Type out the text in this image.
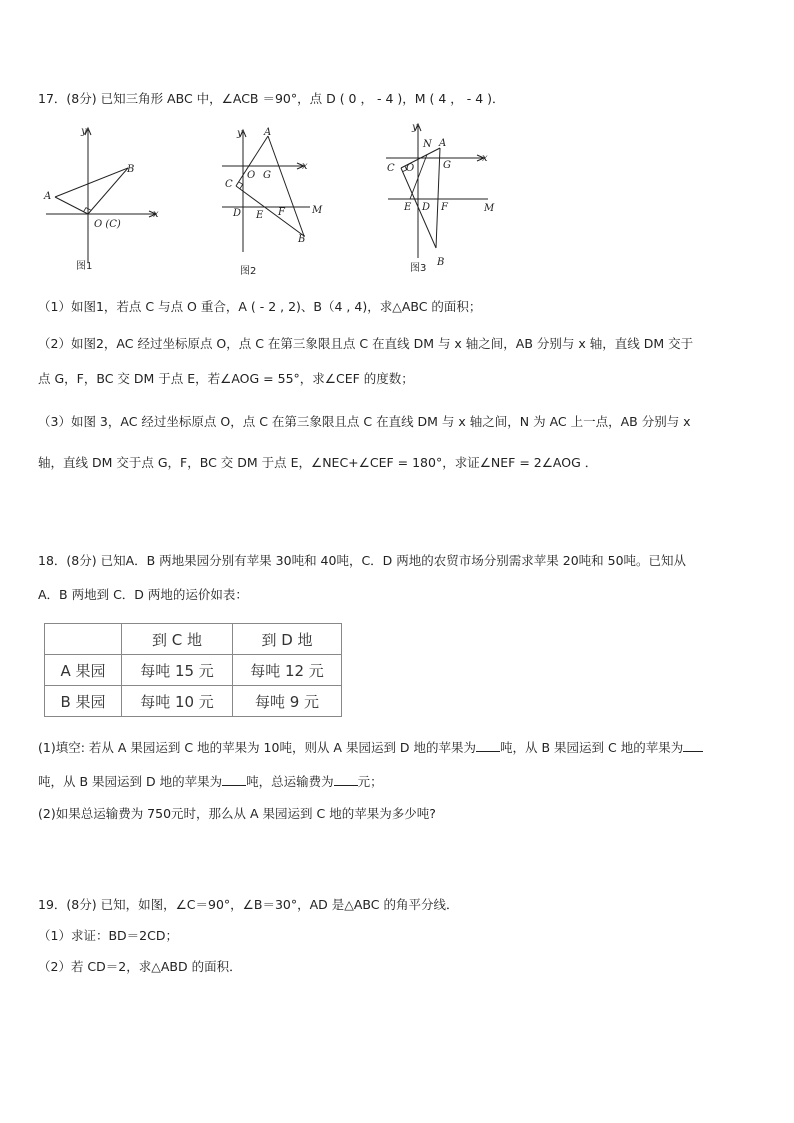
17．(8分) 已知三角形 ABC 中，∠ACB ＝90°，点 D ( 0 ， - 4 )，M ( 4 ， - 4 )．
y
x
A
B
O (C)
图1
y
x
A
O G
C
D E F	M
B
图2
y
x
N A
G
C O
E D F	M
B
图3
（1）如图1，若点 C 与点 O 重合，A ( - 2 , 2)、B（4 , 4)，求△ABC 的面积；
（2）如图2，AC 经过坐标原点 O，点 C 在第三象限且点 C 在直线 DM 与 x 轴之间，AB 分别与 x 轴，直线 DM 交于
点 G，F，BC 交 DM 于点 E，若∠AOG = 55°，求∠CEF 的度数；
（3）如图 3，AC 经过坐标原点 O，点 C 在第三象限且点 C 在直线 DM 与 x 轴之间，N 为 AC 上一点，AB 分别与 x
轴，直线 DM 交于点 G，F，BC 交 DM 于点 E，∠NEC+∠CEF = 180°，求证∠NEF = 2∠AOG ．
18．(8分) 已知A．B 两地果园分别有苹果 30吨和 40吨，C．D 两地的农贸市场分别需求苹果 20吨和 50吨。已知从
A．B 两地到 C．D 两地的运价如表：
	到 C 地	到 D 地
A 果园	每吨 15 元	每吨 12 元
B 果园	每吨 10 元	每吨 9 元
(1)填空: 若从 A 果园运到 C 地的苹果为 10吨，则从 A 果园运到 D 地的苹果为 吨，从 B 果园运到 C 地的苹果为
吨，从 B 果园运到 D 地的苹果为 吨，总运输费为 元；
(2)如果总运输费为 750元时，那么从 A 果园运到 C 地的苹果为多少吨?
19．(8分) 已知，如图，∠C＝90°，∠B＝30°，AD 是△ABC 的角平分线．
（1）求证：BD＝2CD；
（2）若 CD＝2，求△ABD 的面积．
